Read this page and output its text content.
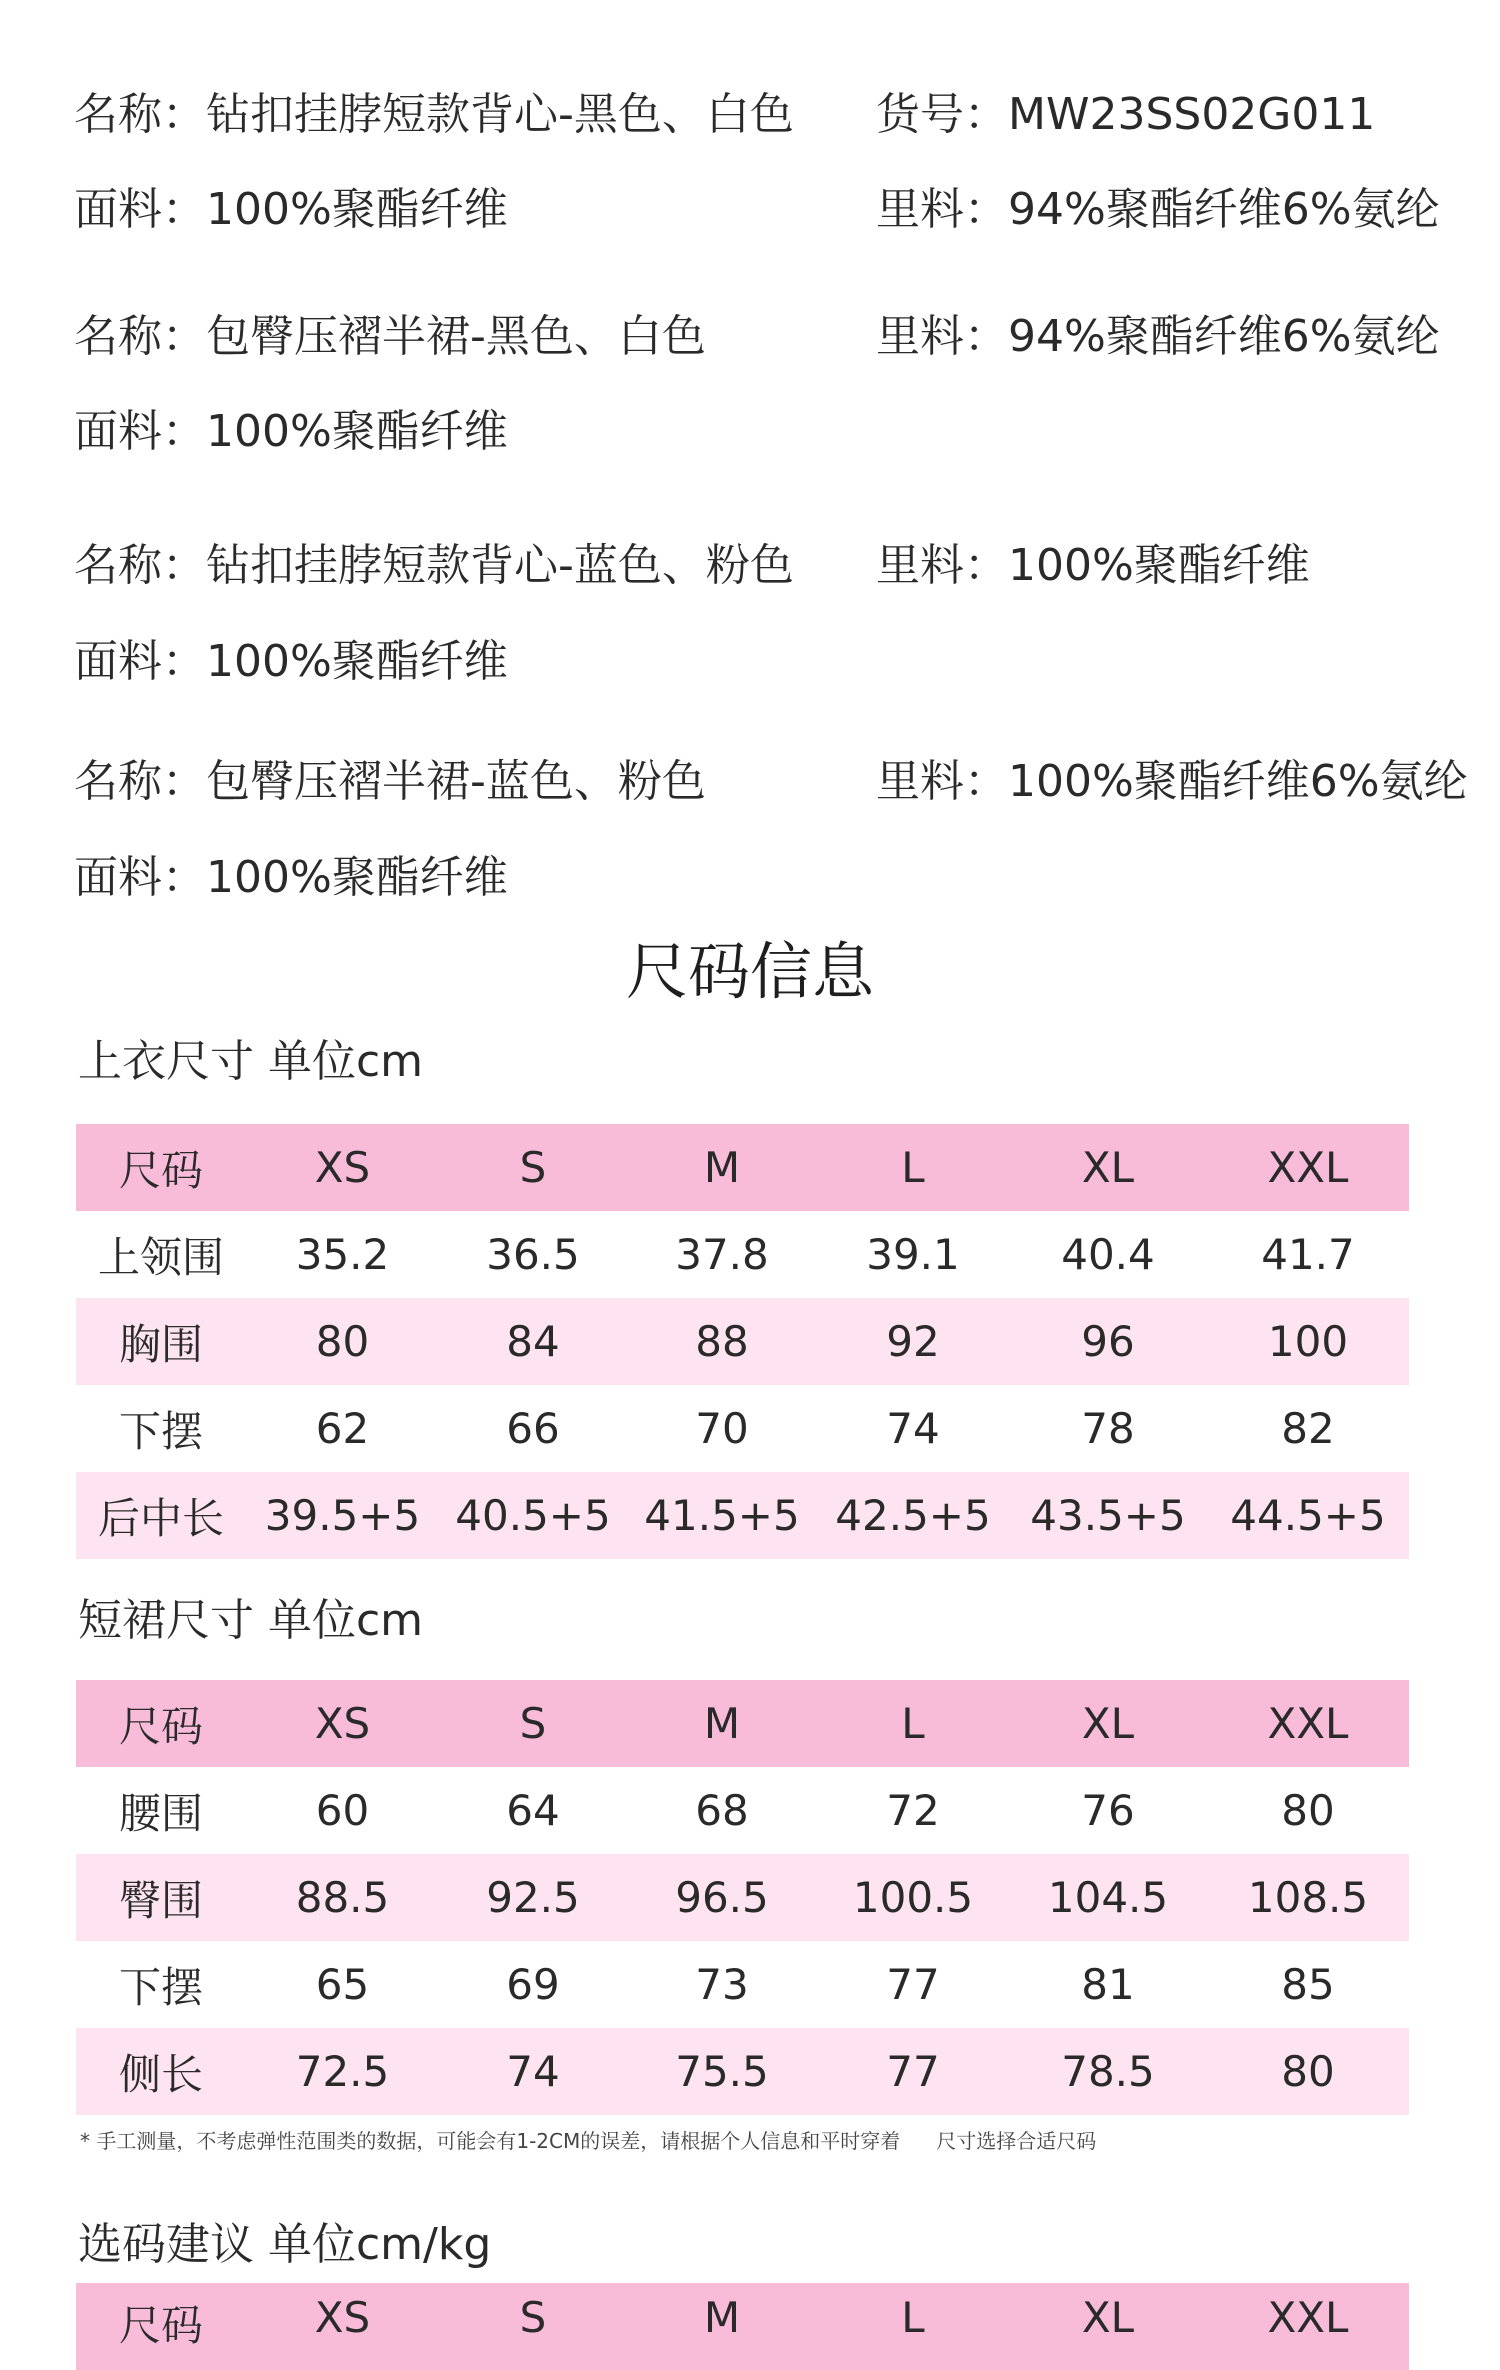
名称：钻扣挂脖短款背心-黑色、白色 货号：MW23SS02G011
面料：100%聚酯纤维	里料：94%聚酯纤维6%氨纶
名称：包臀压褶半裙-黑色、白色	里料：94%聚酯纤维6%氨纶
面料：100%聚酯纤维
名称：钻扣挂脖短款背心-蓝色、粉色 里料：100%聚酯纤维
面料：100%聚酯纤维
名称：包臀压褶半裙-蓝色、粉色	里料：100%聚酯纤维6%氨纶
面料：100%聚酯纤维
尺码信息
上衣尺寸 单位cm
尺码	XS	S	M	L	XL	XXL
上领围	35.2	36.5	37.8	39.1	40.4	41.7
胸围	80	84	88	92	96	100
下摆	62	66	70	74	78	82
后中长 39.5+5 40.5+5 41.5+5 42.5+5 43.5+5	44.5+5
短裙尺寸 单位cm
尺码	XS	S	M	L	XL	XXL
腰围	60	64	68	72	76	80
臀围	88.5	92.5	96.5	100.5	104.5	108.5
下摆	65	69	73	77	81	85
侧长	72.5	74	75.5	77	78.5	80
* 手工测量，不考虑弹性范围类的数据，可能会有1-2CM的误差，请根据个人信息和平时穿着 尺寸选择合适尺码
选码建议 单位cm/kg
尺码	XS	S	M	L	XL	XXL
